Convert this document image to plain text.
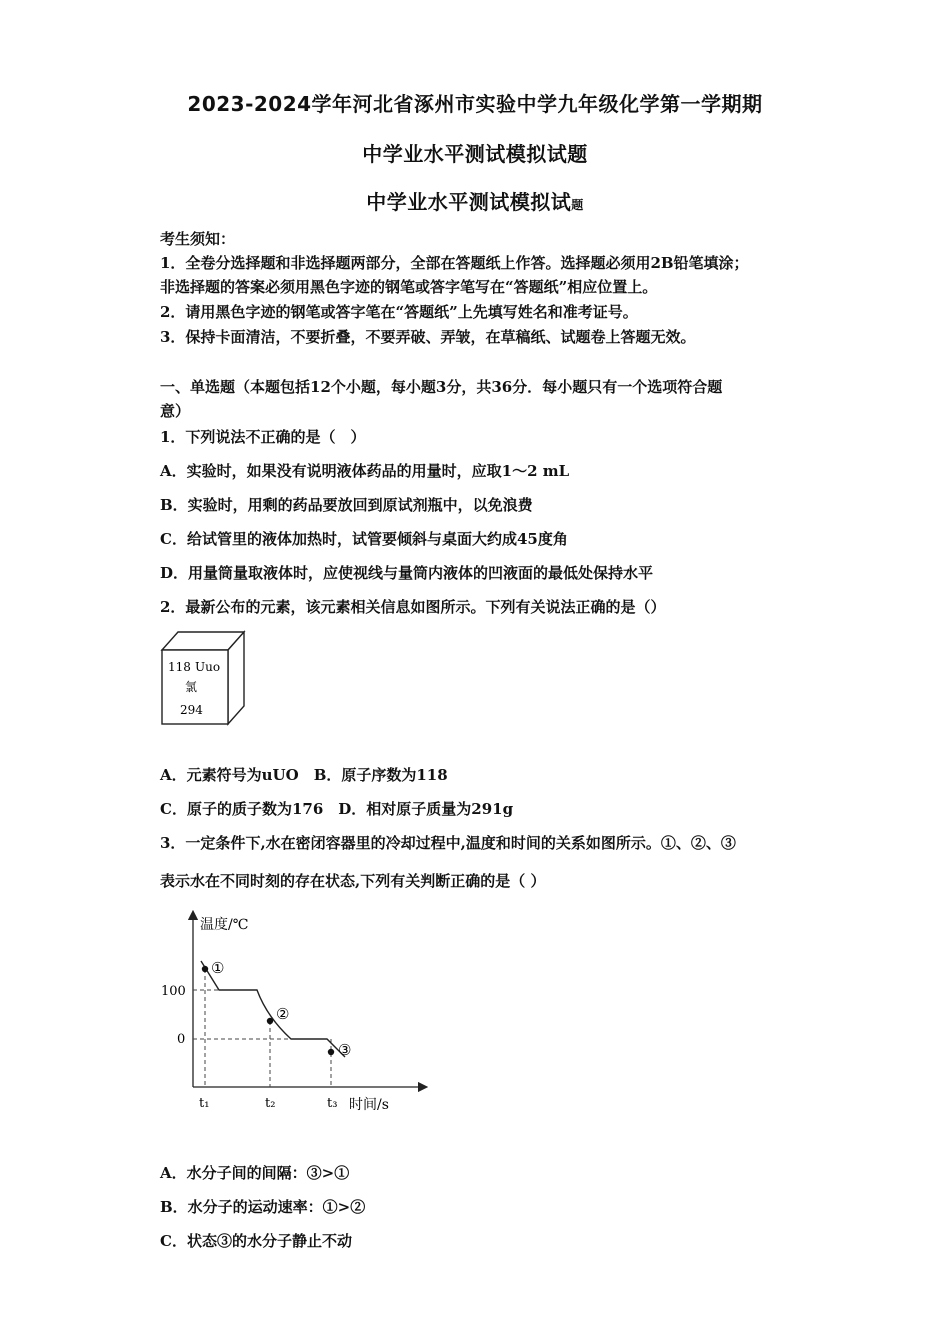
2023-2024学年河北省涿州市实验中学九年级化学第一学期期
中学业水平测试模拟试题
中学业水平测试模拟试题
考生须知：
1．全卷分选择题和非选择题两部分，全部在答题纸上作答。选择题必须用2B铅笔填涂；
非选择题的答案必须用黑色字迹的钢笔或答字笔写在“答题纸”相应位置上。
2．请用黑色字迹的钢笔或答字笔在“答题纸”上先填写姓名和准考证号。
3．保持卡面清洁，不要折叠，不要弄破、弄皱，在草稿纸、试题卷上答题无效。
一、单选题（本题包括12个小题，每小题3分，共36分．每小题只有一个选项符合题
意）
1．下列说法不正确的是（　）
A．实验时，如果没有说明液体药品的用量时，应取1～2 mL
B．实验时，用剩的药品要放回到原试剂瓶中，以免浪费
C．给试管里的液体加热时，试管要倾斜与桌面大约成45度角
D．用量筒量取液体时，应使视线与量筒内液体的凹液面的最低处保持水平
2．最新公布的元素，该元素相关信息如图所示。下列有关说法正确的是（）
118 Uuo
氯
294
A．元素符号为uUO　B．原子序数为118
C．原子的质子数为176　D．相对原子质量为291g
3．一定条件下,水在密闭容器里的冷却过程中,温度和时间的关系如图所示。①、②、③
表示水在不同时刻的存在状态,下列有关判断正确的是（ ）
温度/℃
时间/s
100
0
t₁	t₂	t₃
①
②
③
A．水分子间的间隔：③>①
B．水分子的运动速率：①>②
C．状态③的水分子静止不动
